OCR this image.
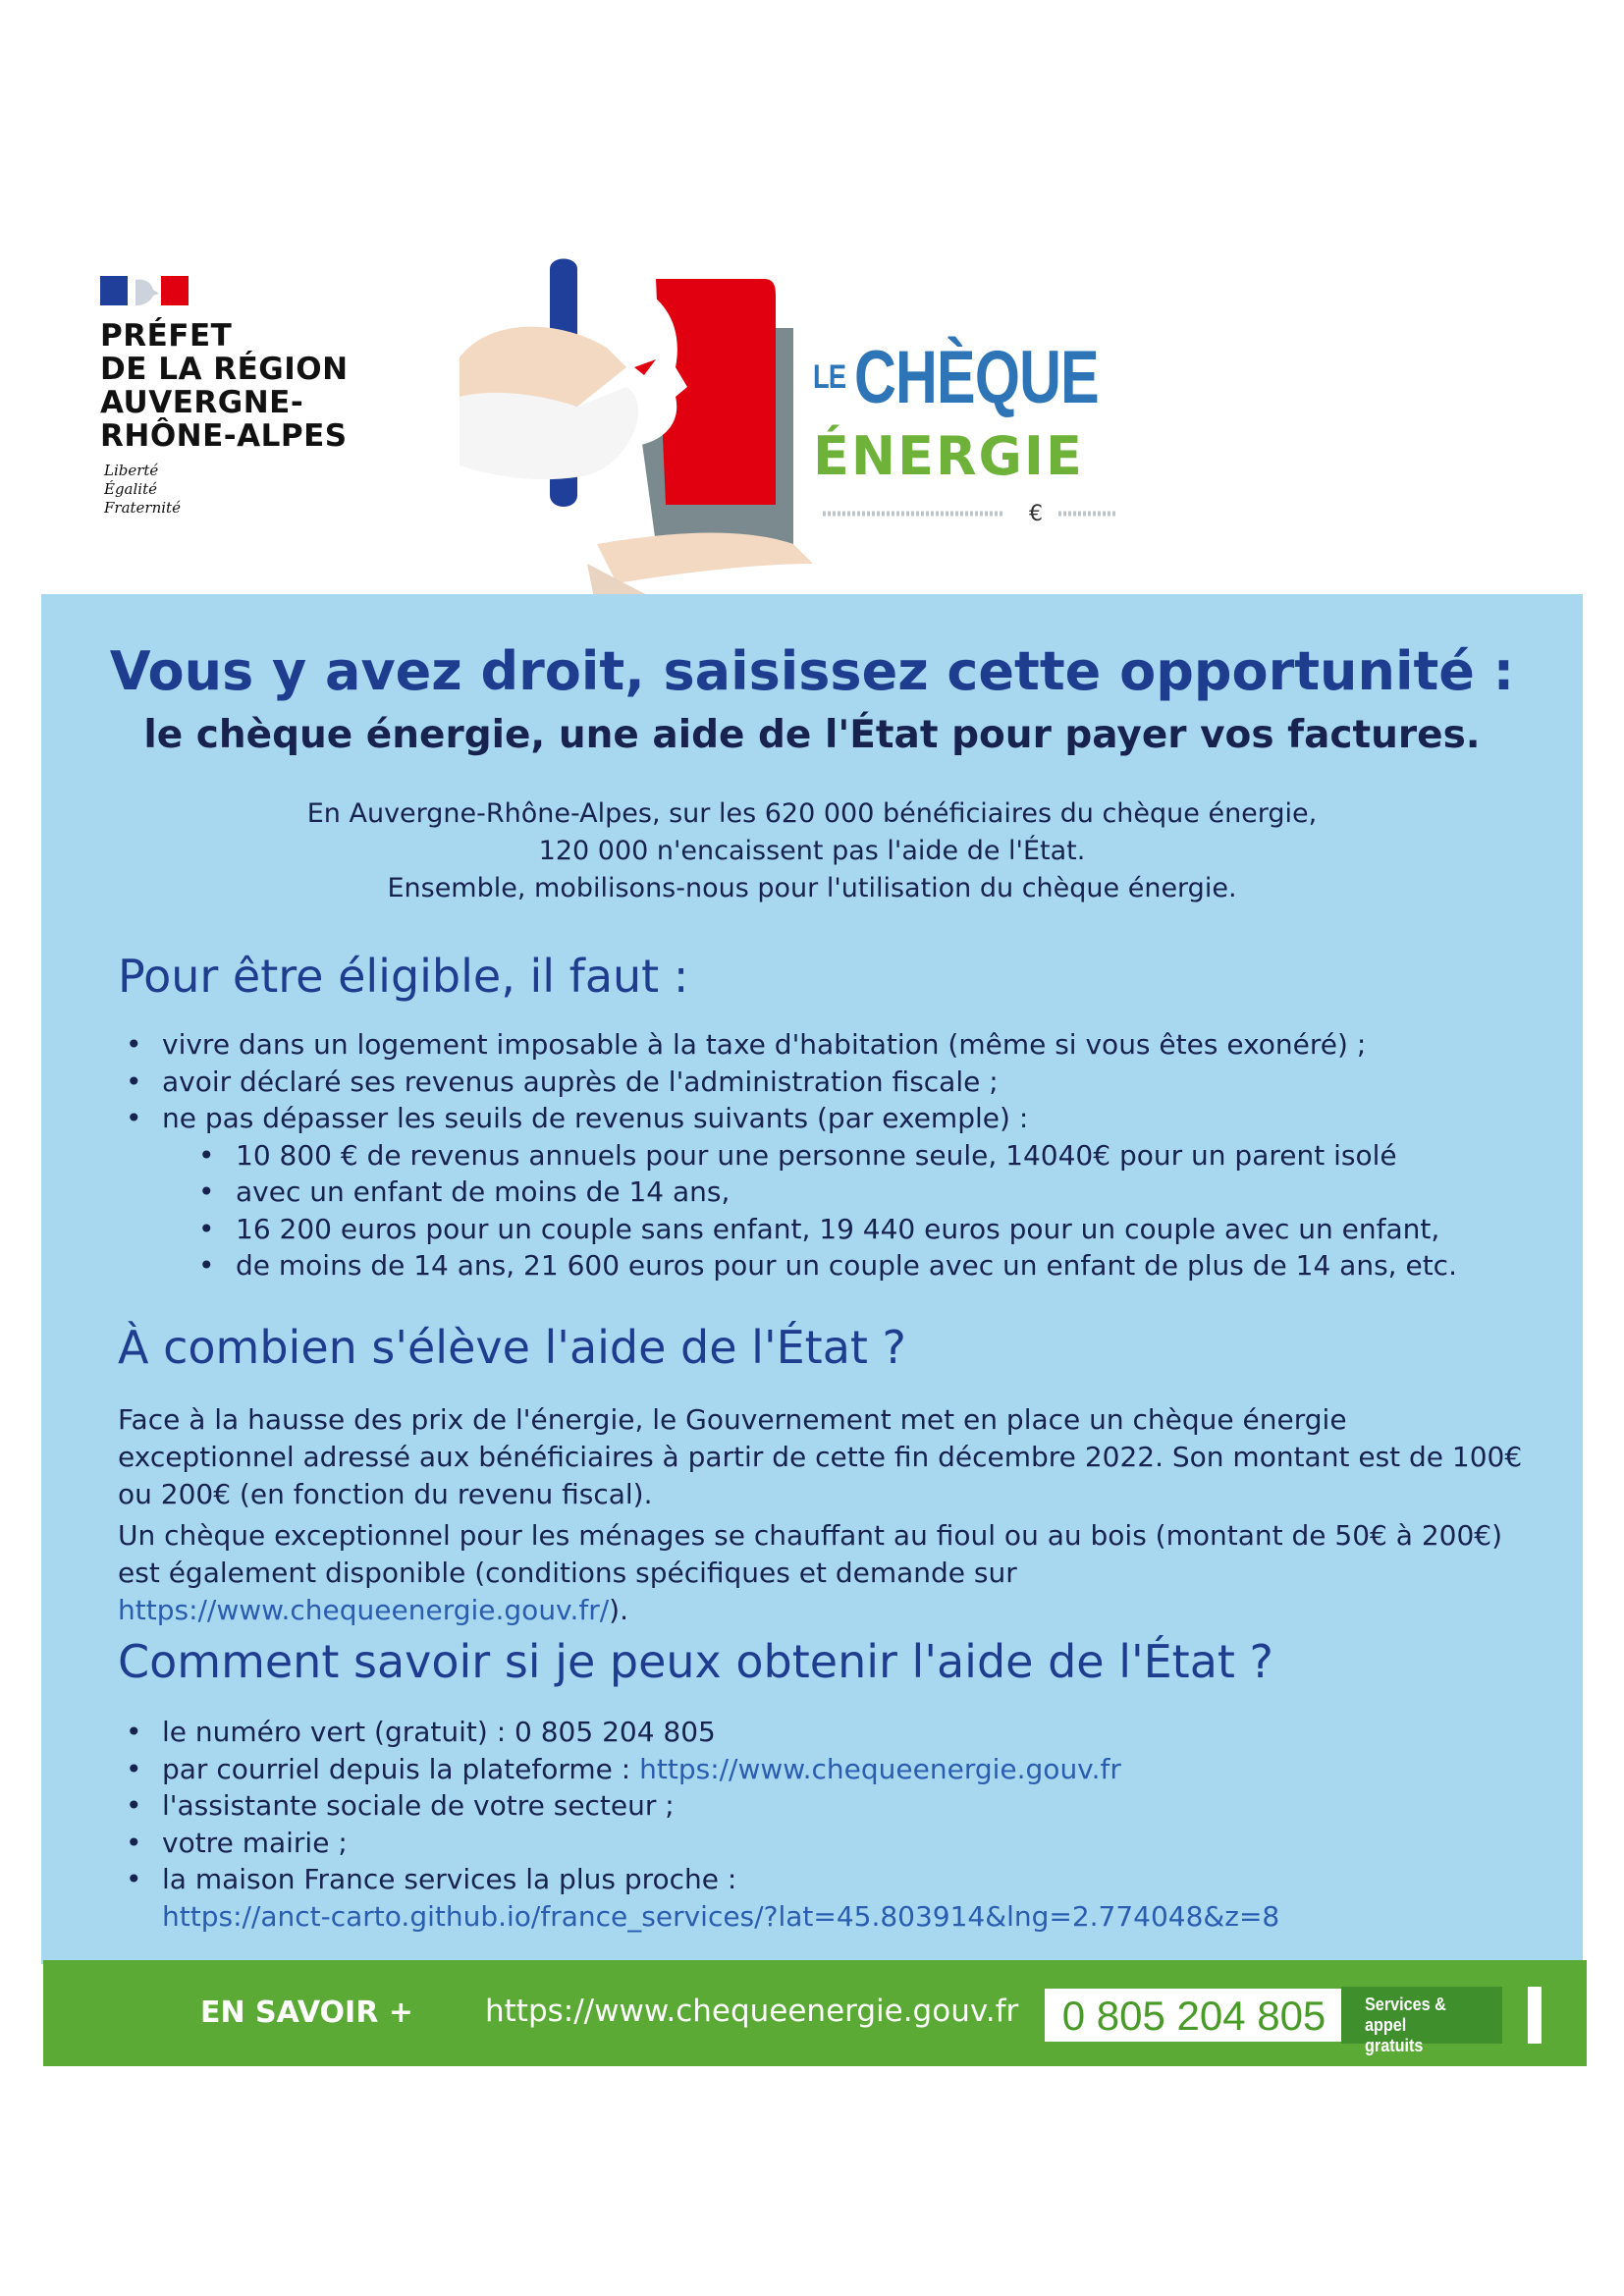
PRÉFET
DE LA RÉGION
AUVERGNE-
RHÔNE-ALPES
Liberté
Égalité
Fraternité
LE CHÈQUE
ÉNERGIE
€
Vous y avez droit, saisissez cette opportunité :
le chèque énergie, une aide de l'État pour payer vos factures.
En Auvergne-Rhône-Alpes, sur les 620 000 bénéficiaires du chèque énergie,
120 000 n'encaissent pas l'aide de l'État.
Ensemble, mobilisons-nous pour l'utilisation du chèque énergie.
Pour être éligible, il faut :
• vivre dans un logement imposable à la taxe d'habitation (même si vous êtes exonéré) ;
• avoir déclaré ses revenus auprès de l'administration fiscale ;
• ne pas dépasser les seuils de revenus suivants (par exemple) :
• 10 800 € de revenus annuels pour une personne seule, 14040€ pour un parent isolé
• avec un enfant de moins de 14 ans,
• 16 200 euros pour un couple sans enfant, 19 440 euros pour un couple avec un enfant,
• de moins de 14 ans, 21 600 euros pour un couple avec un enfant de plus de 14 ans, etc.
À combien s'élève l'aide de l'État ?
Face à la hausse des prix de l'énergie, le Gouvernement met en place un chèque énergie exceptionnel adressé aux bénéficiaires à partir de cette fin décembre 2022. Son montant est de 100€ ou 200€ (en fonction du revenu fiscal).
Un chèque exceptionnel pour les ménages se chauffant au fioul ou au bois (montant de 50€ à 200€) est également disponible (conditions spécifiques et demande sur https://www.chequeenergie.gouv.fr/).
Comment savoir si je peux obtenir l'aide de l'État ?
• le numéro vert (gratuit) : 0 805 204 805
• par courriel depuis la plateforme : https://www.chequeenergie.gouv.fr
• l'assistante sociale de votre secteur ;
• votre mairie ;
• la maison France services la plus proche :
https://anct-carto.github.io/france_services/?lat=45.803914&lng=2.774048&z=8
EN SAVOIR + https://www.chequeenergie.gouv.fr	0 805 204 805	Services & appel
gratuits
